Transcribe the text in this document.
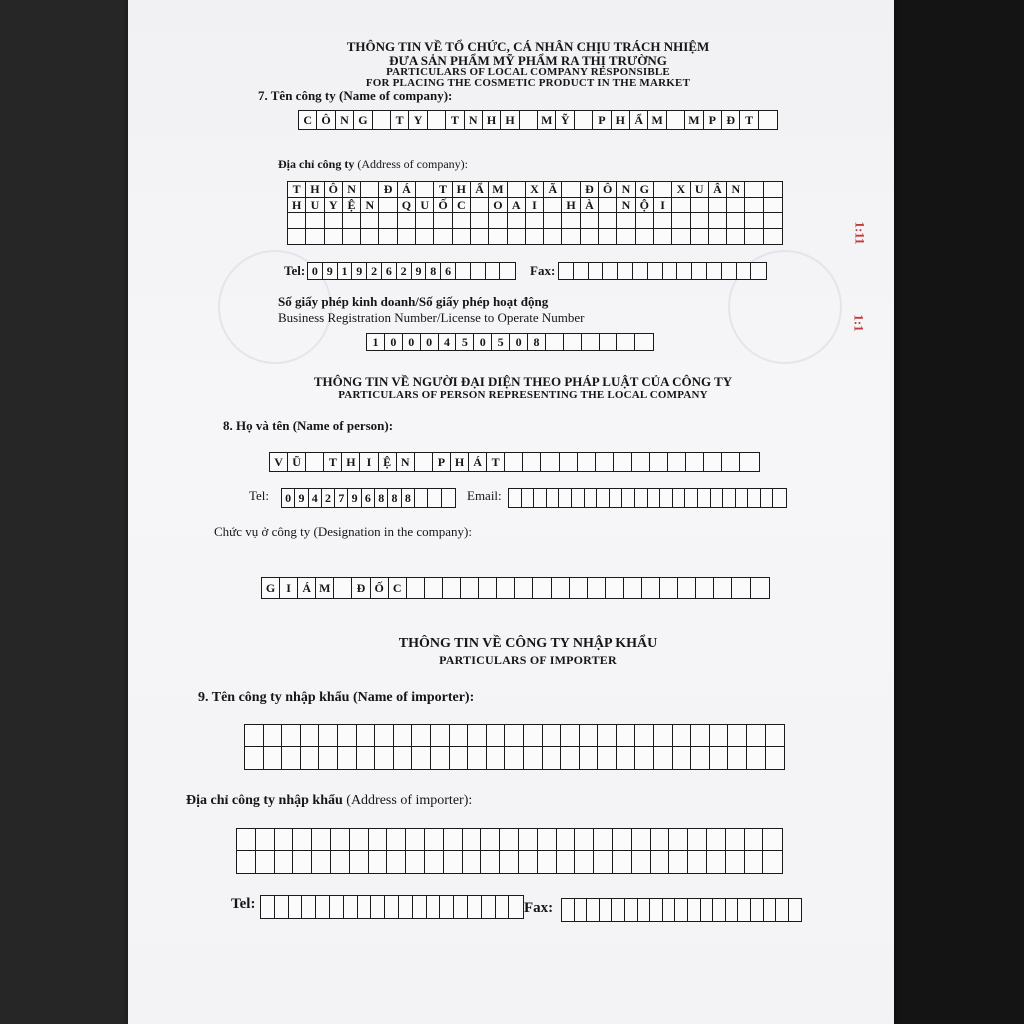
THÔNG TIN VỀ TỔ CHỨC, CÁ NHÂN CHỊU TRÁCH NHIỆM
ĐƯA SẢN PHẨM MỸ PHẨM RA THỊ TRƯỜNG
PARTICULARS OF LOCAL COMPANY RESPONSIBLE
FOR PLACING THE COSMETIC PRODUCT IN THE MARKET
7. Tên công ty (Name of company):
C Ô N G	T Y	T N H H	M Ỹ	P H Ẩ M	M P Đ T
Địa chỉ công ty (Address of company):
T H Ô N	Đ Á	T H Ẩ M	X Ã	Đ Ô N G	X U Â N
H U Y Ệ N	Q U Ố C	O A I	H À	N Ộ I
Tel: 0 9 1 9 2 6 2 9 8 6	Fax:
Số giấy phép kinh doanh/Số giấy phép hoạt động
Business Registration Number/License to Operate Number
1 0 0 0 4 5 0 5 0 8
THÔNG TIN VỀ NGƯỜI ĐẠI DIỆN THEO PHÁP LUẬT CỦA CÔNG TY
PARTICULARS OF PERSON REPRESENTING THE LOCAL COMPANY
8. Họ và tên (Name of person):
V Ũ	T H I Ệ N	P H Á T
Tel: 0 9 4 2 7 9 6 8 8 8	Email:
Chức vụ ở công ty (Designation in the company):
G I Á M	Đ Ố C
THÔNG TIN VỀ CÔNG TY NHẬP KHẨU
PARTICULARS OF IMPORTER
9. Tên công ty nhập khẩu (Name of importer):
Địa chỉ công ty nhập khẩu (Address of importer):
Tel:	Fax:
1:11
1:1
